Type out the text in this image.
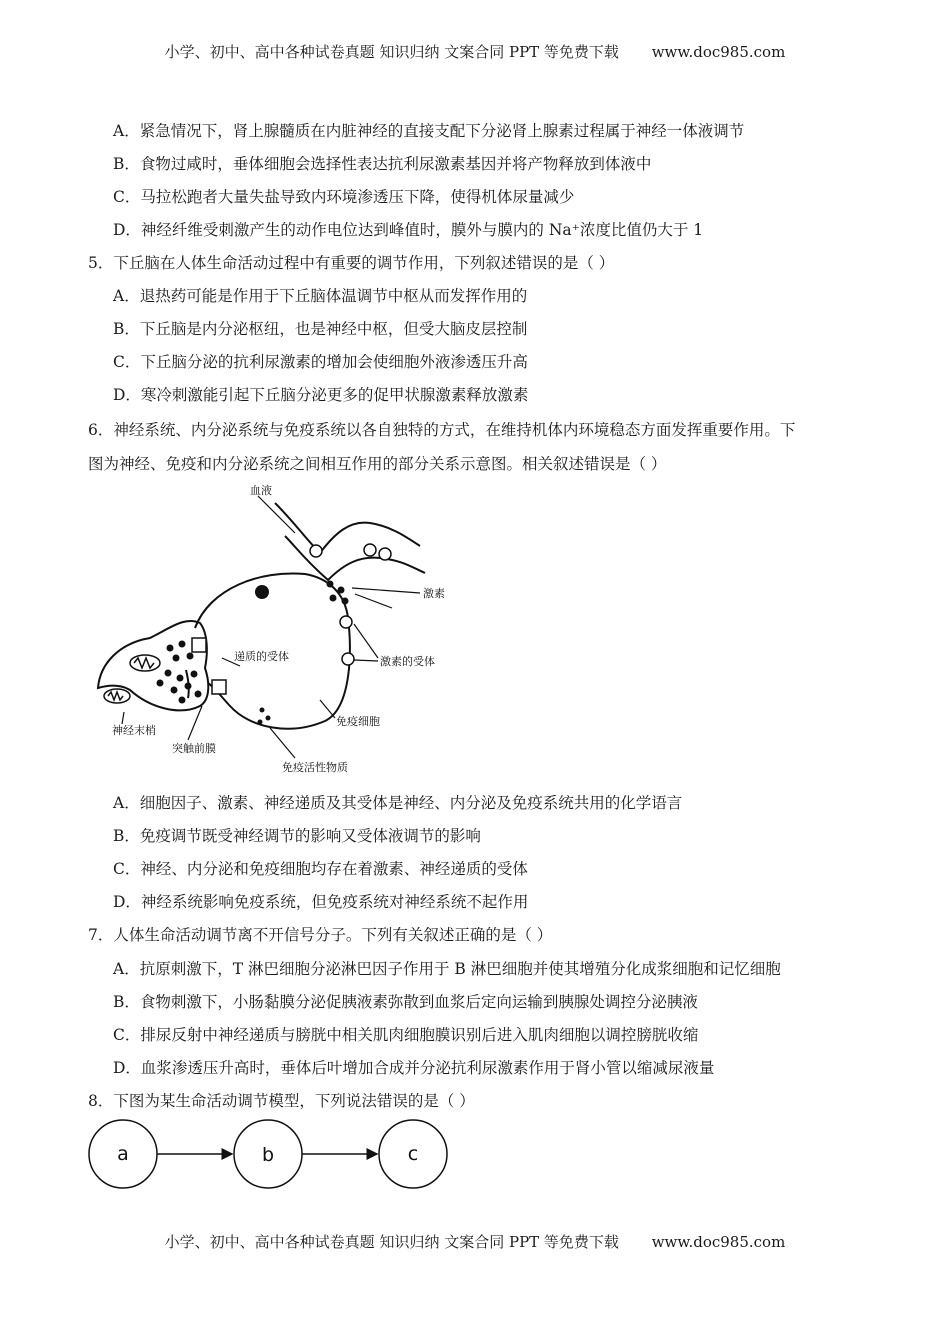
小学、初中、高中各种试卷真题 知识归纳 文案合同 PPT 等免费下载 www.doc985.com
A．紧急情况下，肾上腺髓质在内脏神经的直接支配下分泌肾上腺素过程属于神经一体液调节
B．食物过咸时，垂体细胞会选择性表达抗利尿激素基因并将产物释放到体液中
C．马拉松跑者大量失盐导致内环境渗透压下降，使得机体尿量减少
D．神经纤维受刺激产生的动作电位达到峰值时，膜外与膜内的 Na⁺浓度比值仍大于 1
5．下丘脑在人体生命活动过程中有重要的调节作用，下列叙述错误的是（ ）
A．退热药可能是作用于下丘脑体温调节中枢从而发挥作用的
B．下丘脑是内分泌枢纽，也是神经中枢，但受大脑皮层控制
C．下丘脑分泌的抗利尿激素的增加会使细胞外液渗透压升高
D．寒冷刺激能引起下丘脑分泌更多的促甲状腺激素释放激素
6．神经系统、内分泌系统与免疫系统以各自独特的方式，在维持机体内环境稳态方面发挥重要作用。下
图为神经、免疫和内分泌系统之间相互作用的部分关系示意图。相关叙述错误是（ ）
血液
激素
递质的受体	激素的受体
神经末梢
免疫细胞
突触前膜
免疫活性物质
A．细胞因子、激素、神经递质及其受体是神经、内分泌及免疫系统共用的化学语言
B．免疫调节既受神经调节的影响又受体液调节的影响
C．神经、内分泌和免疫细胞均存在着激素、神经递质的受体
D．神经系统影响免疫系统，但免疫系统对神经系统不起作用
7．人体生命活动调节离不开信号分子。下列有关叙述正确的是（ ）
A．抗原刺激下，T 淋巴细胞分泌淋巴因子作用于 B 淋巴细胞并使其增殖分化成浆细胞和记忆细胞
B．食物刺激下，小肠黏膜分泌促胰液素弥散到血浆后定向运输到胰腺处调控分泌胰液
C．排尿反射中神经递质与膀胱中相关肌肉细胞膜识别后进入肌肉细胞以调控膀胱收缩
D．血浆渗透压升高时，垂体后叶增加合成并分泌抗利尿激素作用于肾小管以缩减尿液量
8．下图为某生命活动调节模型，下列说法错误的是（ ）
a	b	c
小学、初中、高中各种试卷真题 知识归纳 文案合同 PPT 等免费下载 www.doc985.com
